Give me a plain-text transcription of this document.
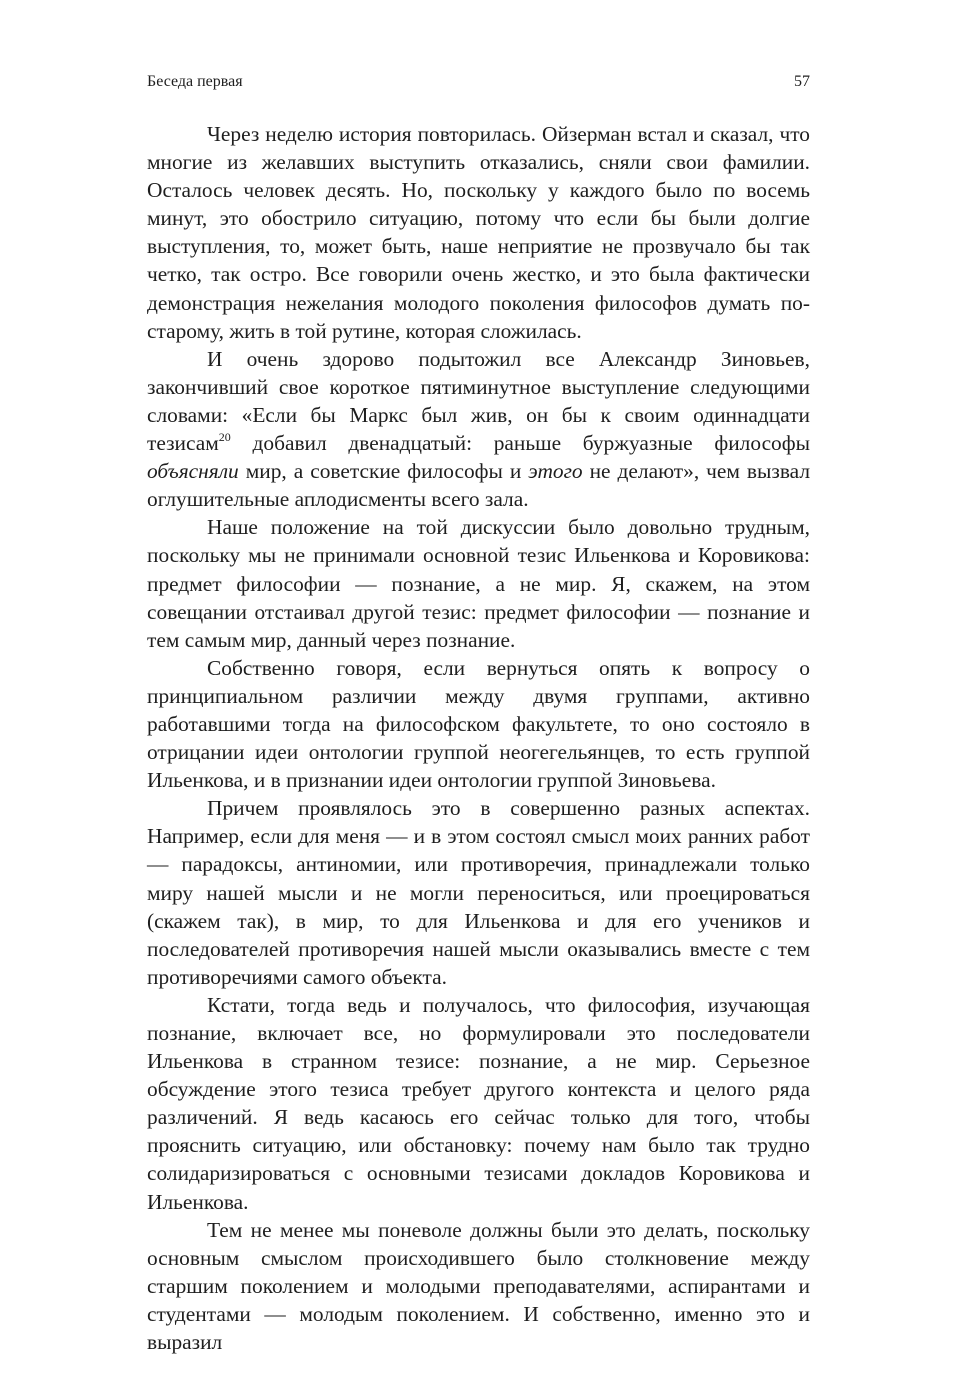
Беседа первая	57

Через неделю история повторилась. Ойзерман встал и сказал, что многие из желавших выступить отказались, сняли свои фамилии. Осталось человек десять. Но, поскольку у каждого было по восемь минут, это обострило ситуацию, потому что если бы были долгие выступления, то, может быть, наше неприятие не прозвучало бы так четко, так остро. Все говорили очень жестко, и это была фактически демонстрация нежелания молодого поколения философов думать по-старому, жить в той рутине, которая сложилась.

И очень здорово подытожил все Александр Зиновьев, закончивший свое короткое пятиминутное выступление следующими словами: «Если бы Маркс был жив, он бы к своим одиннадцати тезисам$^{20}$ добавил двенадцатый: раньше буржуазные философы объясняли мир, а советские философы и этого не делают», чем вызвал оглушительные аплодисменты всего зала.

Наше положение на той дискуссии было довольно трудным, поскольку мы не принимали основной тезис Ильенкова и Коровикова: предмет философии — познание, а не мир. Я, скажем, на этом совещании отстаивал другой тезис: предмет философии — познание и тем самым мир, данный через познание.

Собственно говоря, если вернуться опять к вопросу о принципиальном различии между двумя группами, активно работавшими тогда на философском факультете, то оно состояло в отрицании идеи онтологии группой неогегельянцев, то есть группой Ильенкова, и в признании идеи онтологии группой Зиновьева.

Причем проявлялось это в совершенно разных аспектах. Например, если для меня — и в этом состоял смысл моих ранних работ — парадоксы, антиномии, или противоречия, принадлежали только миру нашей мысли и не могли переноситься, или проецироваться (скажем так), в мир, то для Ильенкова и для его учеников и последователей противоречия нашей мысли оказывались вместе с тем противоречиями самого объекта.

Кстати, тогда ведь и получалось, что философия, изучающая познание, включает все, но формулировали это последователи Ильенкова в странном тезисе: познание, а не мир. Серьезное обсуждение этого тезиса требует другого контекста и целого ряда различений. Я ведь касаюсь его сейчас только для того, чтобы прояснить ситуацию, или обстановку: почему нам было так трудно солидаризироваться с основными тезисами докладов Коровикова и Ильенкова.

Тем не менее мы поневоле должны были это делать, поскольку основным смыслом происходившего было столкновение между старшим поколением и молодыми преподавателями, аспирантами и студентами — молодым поколением. И собственно, именно это и выразил
